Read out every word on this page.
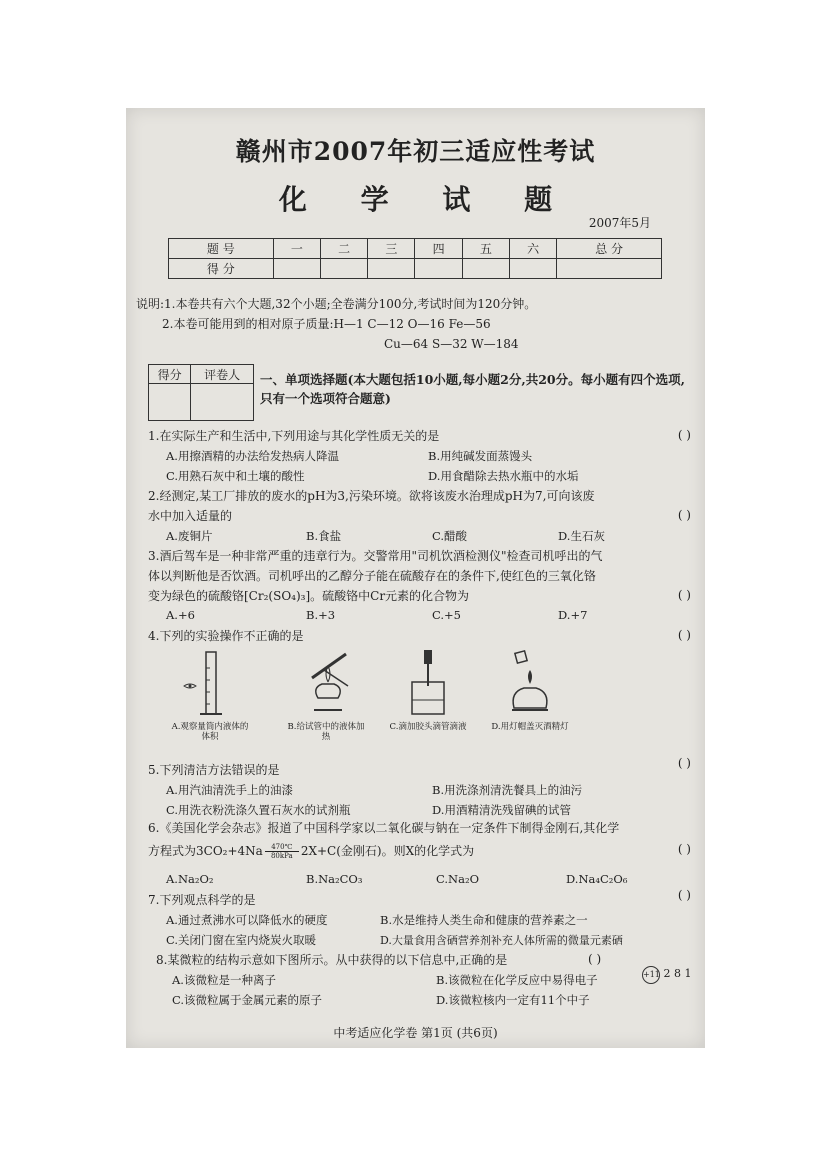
赣州市2007年初三适应性考试
化 学 试 题
2007年5月
题 号	一	二	三	四	五	六	总 分
得 分							
说明:1.本卷共有六个大题,32个小题;全卷满分100分,考试时间为120分钟。
2.本卷可能用到的相对原子质量:H—1 C—12 O—16 Fe—56
Cu—64 S—32 W—184
得分	评卷人
	一、单项选择题(本大题包括10小题,每小题2分,共20分。每小题有四个选项,只有一个选项符合题意)
1.在实际生产和生活中,下列用途与其化学性质无关的是	( )
A.用擦酒精的办法给发热病人降温	B.用纯碱发面蒸馒头
C.用熟石灰中和土壤的酸性	D.用食醋除去热水瓶中的水垢
2.经测定,某工厂排放的废水的pH为3,污染环境。欲将该废水治理成pH为7,可向该废
水中加入适量的	( )
A.废铜片	B.食盐	C.醋酸	D.生石灰
3.酒后驾车是一种非常严重的违章行为。交警常用"司机饮酒检测仪"检查司机呼出的气
体以判断他是否饮酒。司机呼出的乙醇分子能在硫酸存在的条件下,使红色的三氧化铬
变为绿色的硫酸铬[Cr₂(SO₄)₃]。硫酸铬中Cr元素的化合物为	( )
A.+6	B.+3	C.+5	D.+7
4.下列的实验操作不正确的是	( )
A.观察量筒内液体的体积
B.给试管中的液体加热
C.滴加胶头滴管滴液	D.用灯帽盖灭酒精灯
5.下列清洁方法错误的是	( )
A.用汽油清洗手上的油漆	B.用洗涤剂清洗餐具上的油污
C.用洗衣粉洗涤久置石灰水的试剂瓶	D.用酒精清洗残留碘的试管
6.《美国化学会杂志》报道了中国科学家以二氧化碳与钠在一定条件下制得金刚石,其化学
方程式为$3CO_2+4Na \frac{470℃}{\text{80kPa}} 2X+C$(金刚石)。则X的化学式为	( )
A.Na₂O₂	B.Na₂CO₃	C.Na₂O	D.Na₄C₂O₆
7.下列观点科学的是	( )
A.通过煮沸水可以降低水的硬度	B.水是维持人类生命和健康的营养素之一
C.关闭门窗在室内烧炭火取暖	D.大量食用含硒营养剂补充人体所需的微量元素硒
8.某微粒的结构示意如下图所示。从中获得的以下信息中,正确的是	( )
A.该微粒是一种离子	B.该微粒在化学反应中易得电子
C.该微粒属于金属元素的原子	D.该微粒核内一定有11个中子
+11 2 8 1
中考适应化学卷 第1页 (共6页)
